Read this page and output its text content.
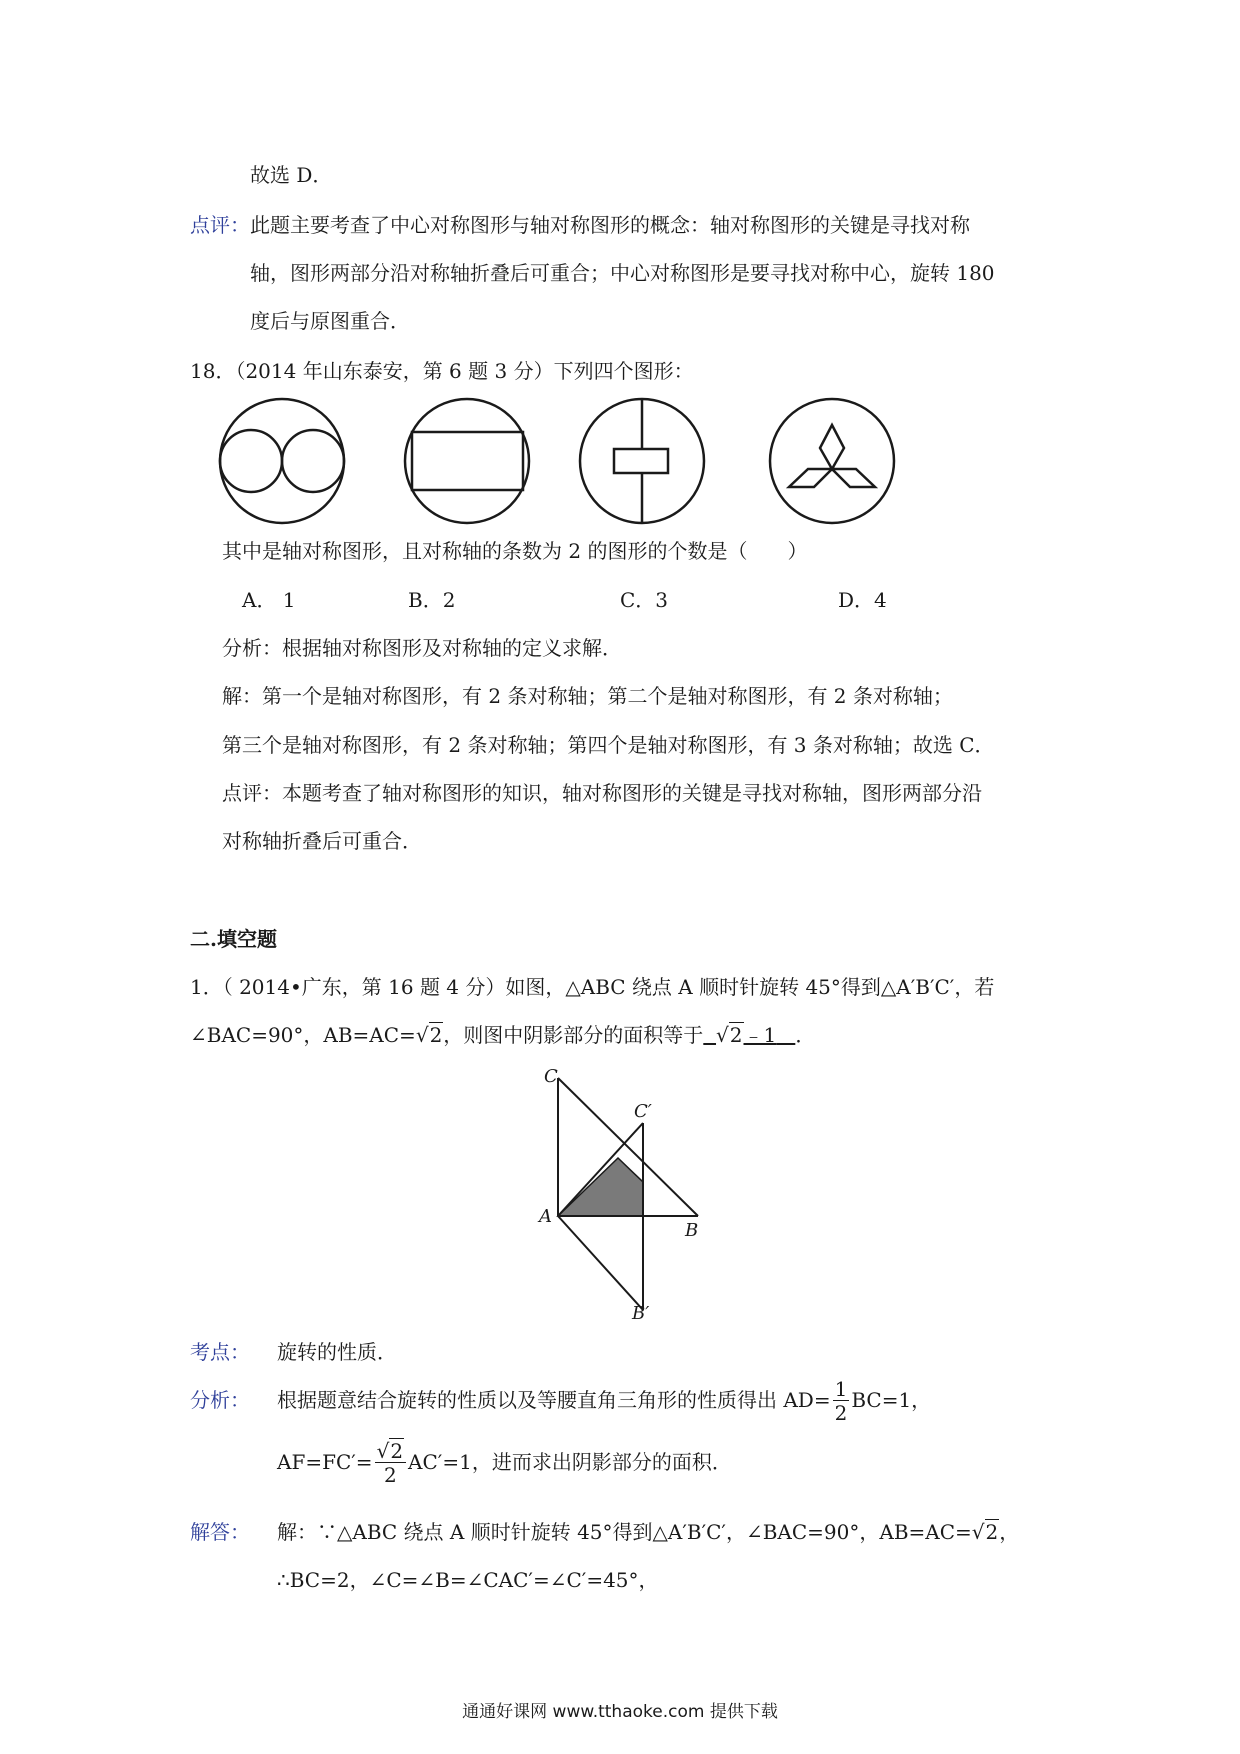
故选 D．
点评： 此题主要考查了中心对称图形与轴对称图形的概念：轴对称图形的关键是寻找对称
轴，图形两部分沿对称轴折叠后可重合；中心对称图形是要寻找对称中心，旋转 180
度后与原图重合．
18．（2014 年山东泰安，第 6 题 3 分）下列四个图形：
其中是轴对称图形，且对称轴的条数为 2 的图形的个数是（　　）
A． 1	B．2	C．3	D．4
分析：根据轴对称图形及对称轴的定义求解．
解：第一个是轴对称图形，有 2 条对称轴；第二个是轴对称图形，有 2 条对称轴；
第三个是轴对称图形，有 2 条对称轴；第四个是轴对称图形，有 3 条对称轴；故选 C．
点评：本题考查了轴对称图形的知识，轴对称图形的关键是寻找对称轴，图形两部分沿
对称轴折叠后可重合．
二.填空题
1．（ 2014•广东，第 16 题 4 分）如图，△ABC 绕点 A 顺时针旋转 45°得到△A′B′C′，若
∠BAC=90°，AB=AC=√2，则图中阴影部分的面积等于 √2﹣1 ．
C
C′
A
B
B′
考点： 旋转的性质．
分析： 根据题意结合旋转的性质以及等腰直角三角形的性质得出 $AD= \frac{1}{2} BC=1$，
$AF=FC'= \frac{√2}{2} AC'=1$，进而求出阴影部分的面积．
解答： 解：∵△ABC 绕点 A 顺时针旋转 45°得到△A′B′C′，∠BAC=90°，AB=AC=√2，
∴BC=2，∠C=∠B=∠CAC′=∠C′=45°，
通通好课网 www.tthaoke.com 提供下载
